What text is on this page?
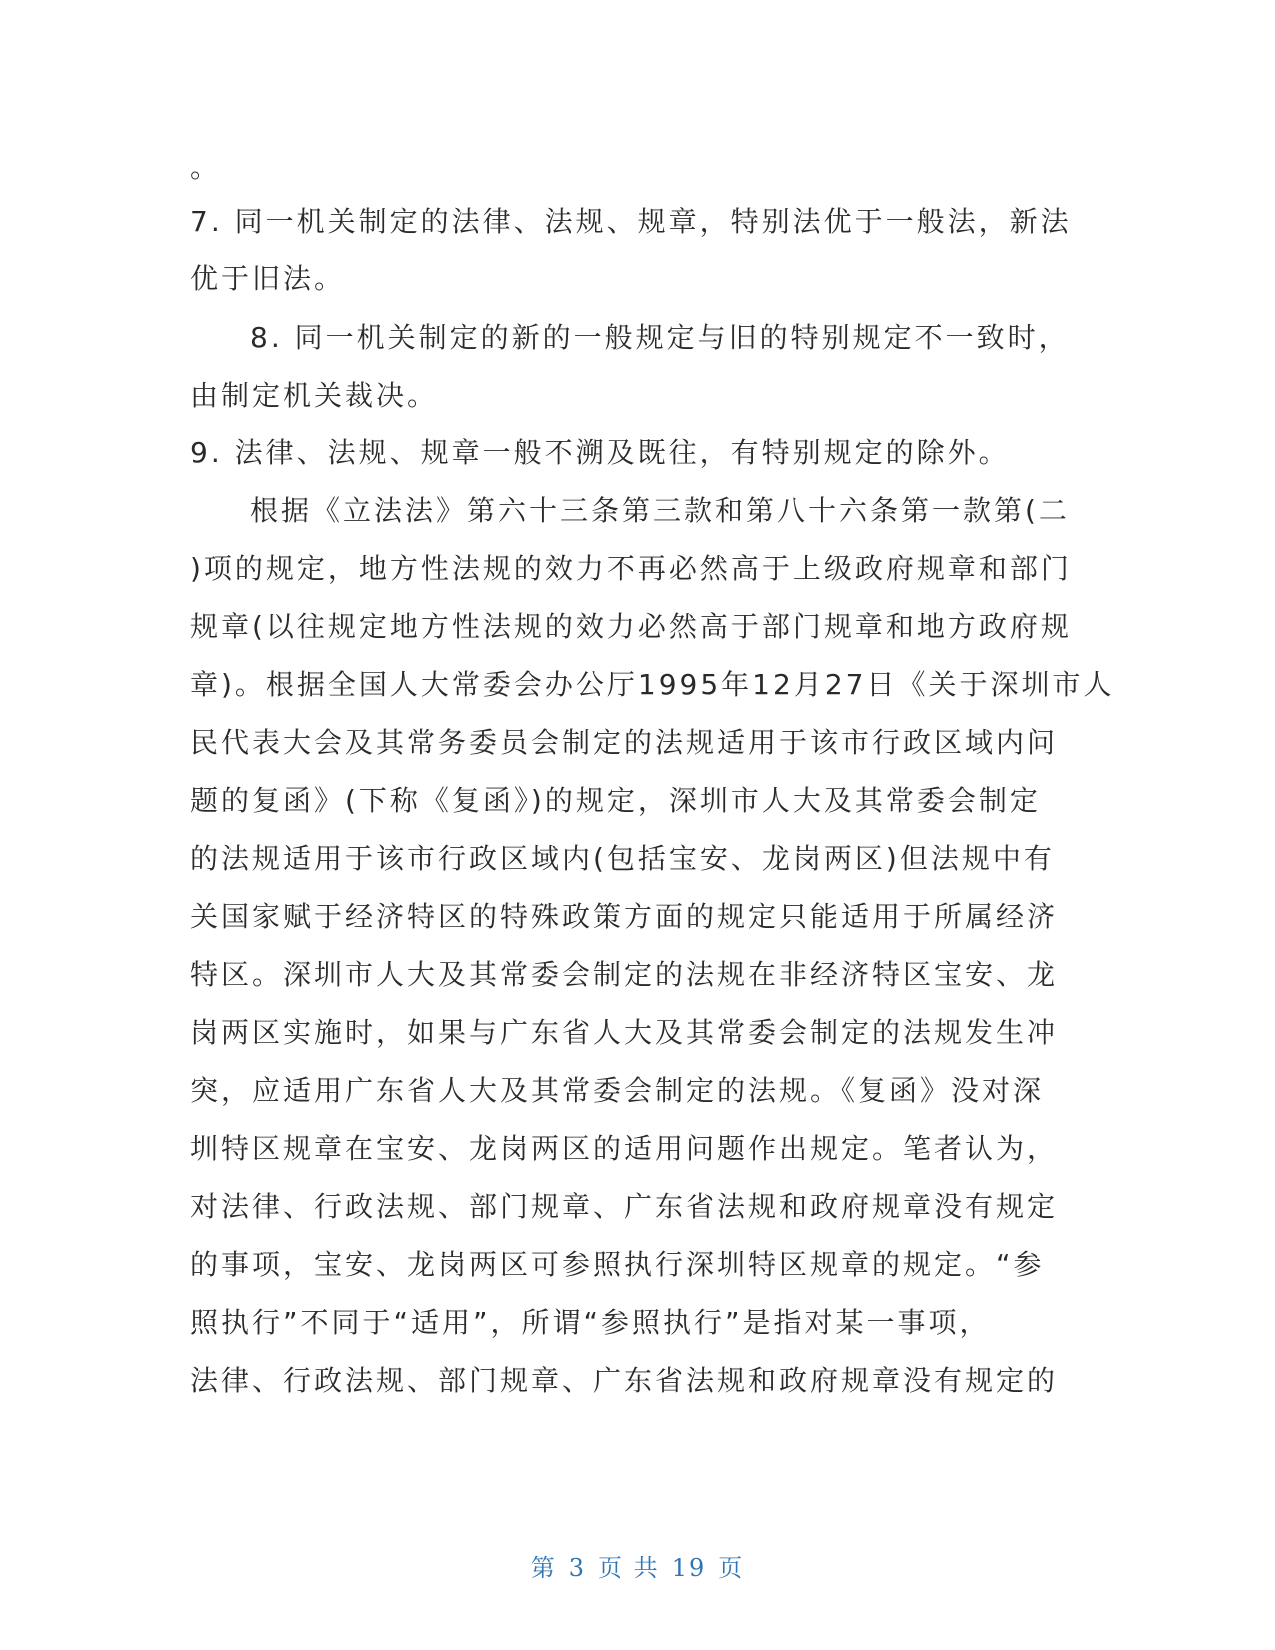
。
7. 同一机关制定的法律、法规、规章，特别法优于一般法，新法
优于旧法。
8. 同一机关制定的新的一般规定与旧的特别规定不一致时，
由制定机关裁决。
9. 法律、法规、规章一般不溯及既往，有特别规定的除外。
根据《立法法》第六十三条第三款和第八十六条第一款第(二
)项的规定，地方性法规的效力不再必然高于上级政府规章和部门
规章(以往规定地方性法规的效力必然高于部门规章和地方政府规
章)。根据全国人大常委会办公厅1995年12月27日《关于深圳市人
民代表大会及其常务委员会制定的法规适用于该市行政区域内问
题的复函》(下称《复函》)的规定，深圳市人大及其常委会制定
的法规适用于该市行政区域内(包括宝安、龙岗两区)但法规中有
关国家赋于经济特区的特殊政策方面的规定只能适用于所属经济
特区。深圳市人大及其常委会制定的法规在非经济特区宝安、龙
岗两区实施时，如果与广东省人大及其常委会制定的法规发生冲
突，应适用广东省人大及其常委会制定的法规。《复函》没对深
圳特区规章在宝安、龙岗两区的适用问题作出规定。笔者认为，
对法律、行政法规、部门规章、广东省法规和政府规章没有规定
的事项，宝安、龙岗两区可参照执行深圳特区规章的规定。“参
照执行”不同于“适用”，所谓“参照执行”是指对某一事项，
法律、行政法规、部门规章、广东省法规和政府规章没有规定的
第 3 页 共 19 页
